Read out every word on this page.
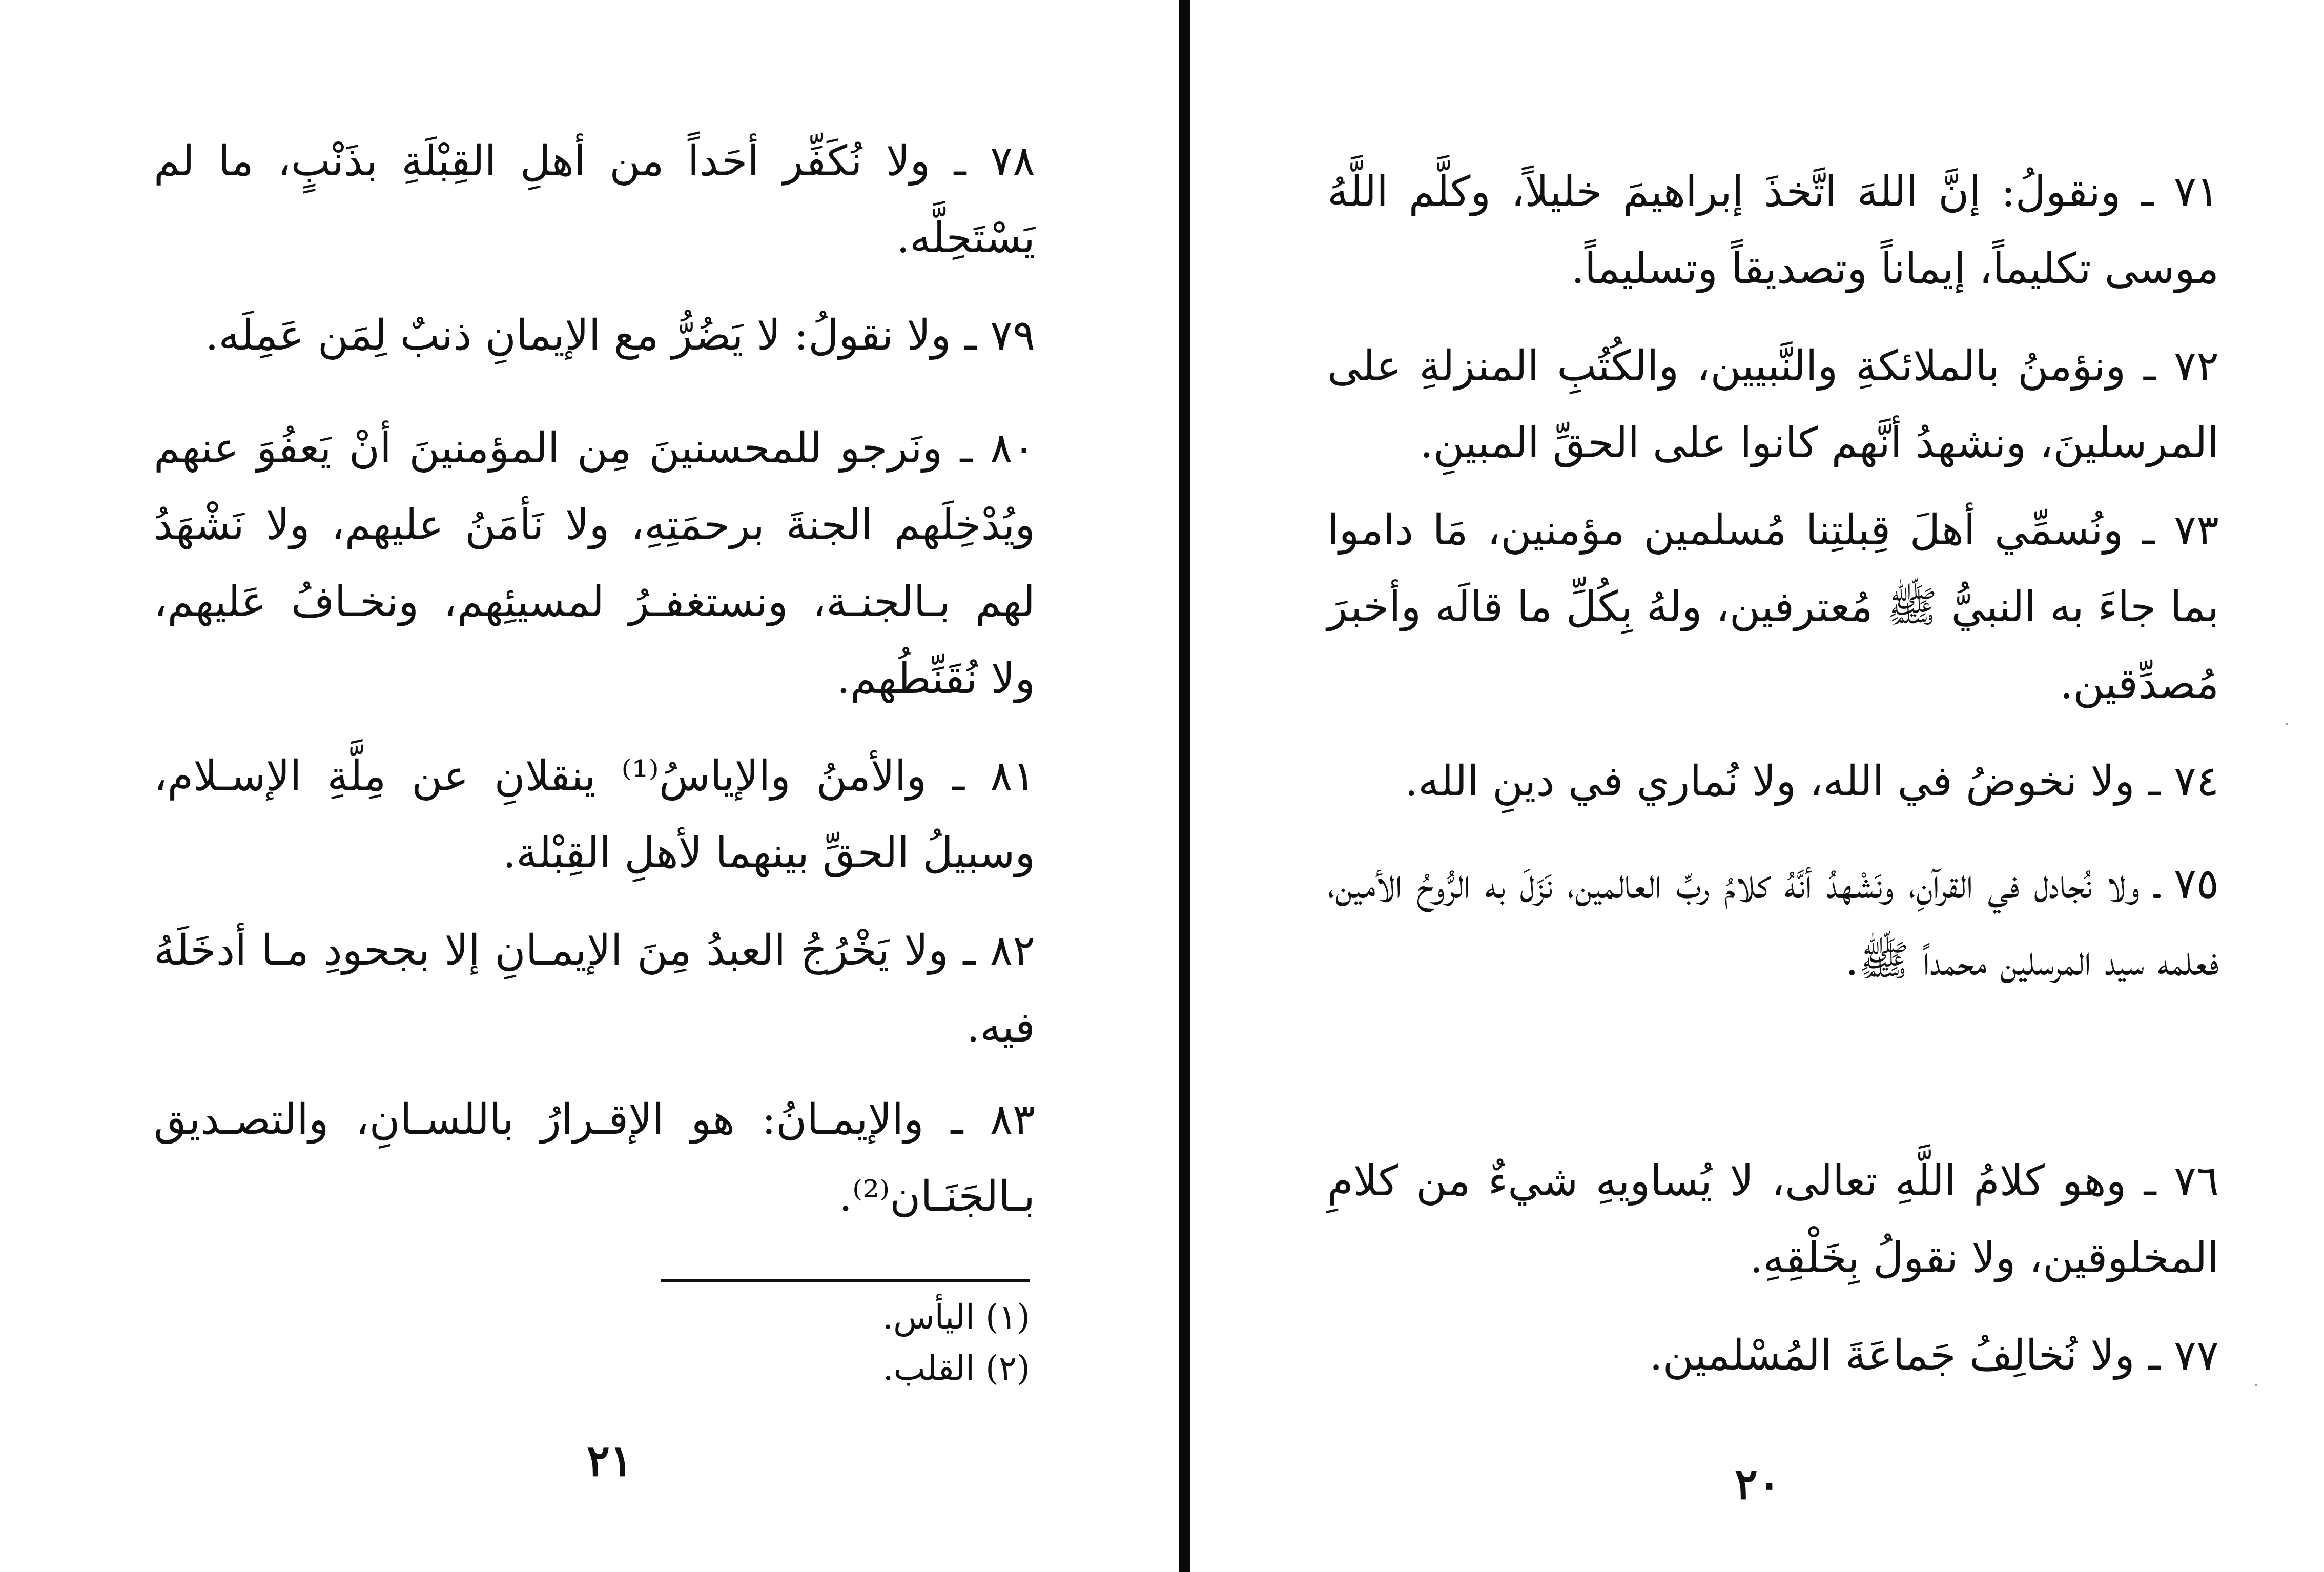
٧١ ـ ونقولُ: إنَّ اللهَ اتَّخذَ إبراهيمَ خليلاً، وكلَّم اللَّهُ موسى تكليماً، إيماناً وتصديقاً وتسليماً.

٧٢ ـ ونؤمنُ بالملائكةِ والنَّبيين، والكُتُبِ المنزلةِ على المرسلينَ، ونشهدُ أنَّهم كانوا على الحقِّ المبينِ.

٧٣ ـ ونُسمِّي أهلَ قِبلتِنا مُسلمين مؤمنين، مَا داموا بما جاءَ به النبيُّ ﷺ مُعترفين، ولهُ بِكُلِّ ما قالَه وأخبرَ مُصدِّقين.

٧٤ ـ ولا نخوضُ في الله، ولا نُماري في دينِ الله.

٧٥ ـ ولا نُجادل في القرآنِ، ونَشْهدُ أنَّهُ كلامُ ربِّ العالمين، نَزَلَ به الرُّوحُ الأمين، فعلمه سيد المرسلين محمداً ﷺ.

٧٦ ـ وهو كلامُ اللَّهِ تعالى، لا يُساويهِ شيءٌ من كلامِ المخلوقين، ولا نقولُ بِخَلْقِهِ.

٧٧ ـ ولا نُخالِفُ جَماعَةَ المُسْلمين.

٢٠

٧٨ ـ ولا نُكَفِّر أحَداً من أهلِ القِبْلَةِ بذَنْبٍ، ما لم يَسْتَحِلَّه.

٧٩ ـ ولا نقولُ: لا يَضُرُّ مع الإيمانِ ذنبٌ لِمَن عَمِلَه.

٨٠ ـ ونَرجو للمحسنينَ مِن المؤمنينَ أنْ يَعفُوَ عنهم ويُدْخِلَهم الجنةَ برحمَتِهِ، ولا نَأمَنُ عليهم، ولا نَشْهَدُ لهم بـالجنـة، ونستغفـرُ لمسيئِهم، ونخـافُ عَليهم، ولا نُقَنِّطُهم.

٨١ ـ والأمنُ والإياسُ⁽¹⁾ ينقلانِ عن مِلَّةِ الإسـلام، وسبيلُ الحقِّ بينهما لأهلِ القِبْلة.

٨٢ ـ ولا يَخْرُجُ العبدُ مِنَ الإيمـانِ إلا بجحودِ مـا أدخَلَهُ فيه.

٨٣ ـ والإيمـانُ: هو الإقـرارُ باللسـانِ، والتصـديق بـالجَنَـان⁽²⁾.

(١) اليأس.
(٢) القلب.
٢١
